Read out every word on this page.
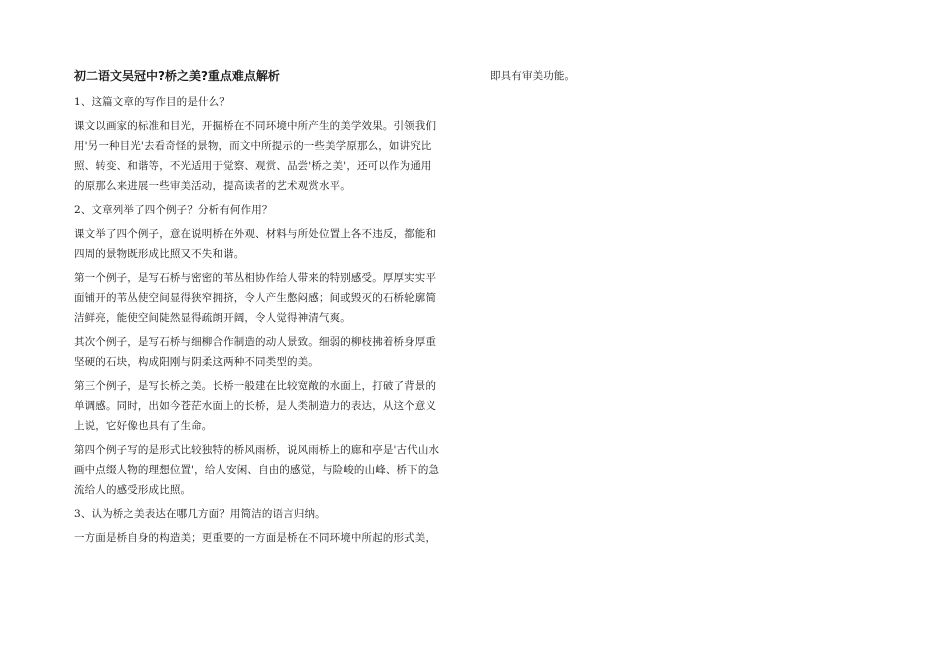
初二语文吴冠中?桥之美?重点难点解析
1、这篇文章的写作目的是什么？
课文以画家的标准和目光，开掘桥在不同环境中所产生的美学效果。引领我们
用'另一种目光'去看奇怪的景物，而文中所提示的一些美学原那么，如讲究比
照、转变、和谐等，不光适用于觉察、观赏、品尝'桥之美'，还可以作为通用
的原那么来进展一些审美活动，提高读者的艺术观赏水平。
2、文章列举了四个例子？分析有何作用？
课文举了四个例子，意在说明桥在外观、材料与所处位置上各不违反，都能和
四周的景物既形成比照又不失和谐。
第一个例子，是写石桥与密密的苇丛相协作给人带来的特别感受。厚厚实实平
面铺开的苇丛使空间显得狭窄拥挤，令人产生憋闷感；间或毁灭的石桥轮廓简
洁鲜亮，能使空间陡然显得疏朗开阔，令人觉得神清气爽。
其次个例子，是写石桥与细柳合作制造的动人景致。细弱的柳枝拂着桥身厚重
坚硬的石块，构成阳刚与阴柔这两种不同类型的美。
第三个例子，是写长桥之美。长桥一般建在比较宽敞的水面上，打破了背景的
单调感。同时，出如今苍茫水面上的长桥，是人类制造力的表达，从这个意义
上说，它好像也具有了生命。
第四个例子写的是形式比较独特的桥风雨桥，说风雨桥上的廊和亭是'古代山水
画中点缀人物的理想位置'，给人安闲、自由的感觉，与险峻的山峰、桥下的急
流给人的感受形成比照。
3、认为桥之美表达在哪几方面？用简洁的语言归纳。
一方面是桥自身的构造美；更重要的一方面是桥在不同环境中所起的形式美，
即具有审美功能。
